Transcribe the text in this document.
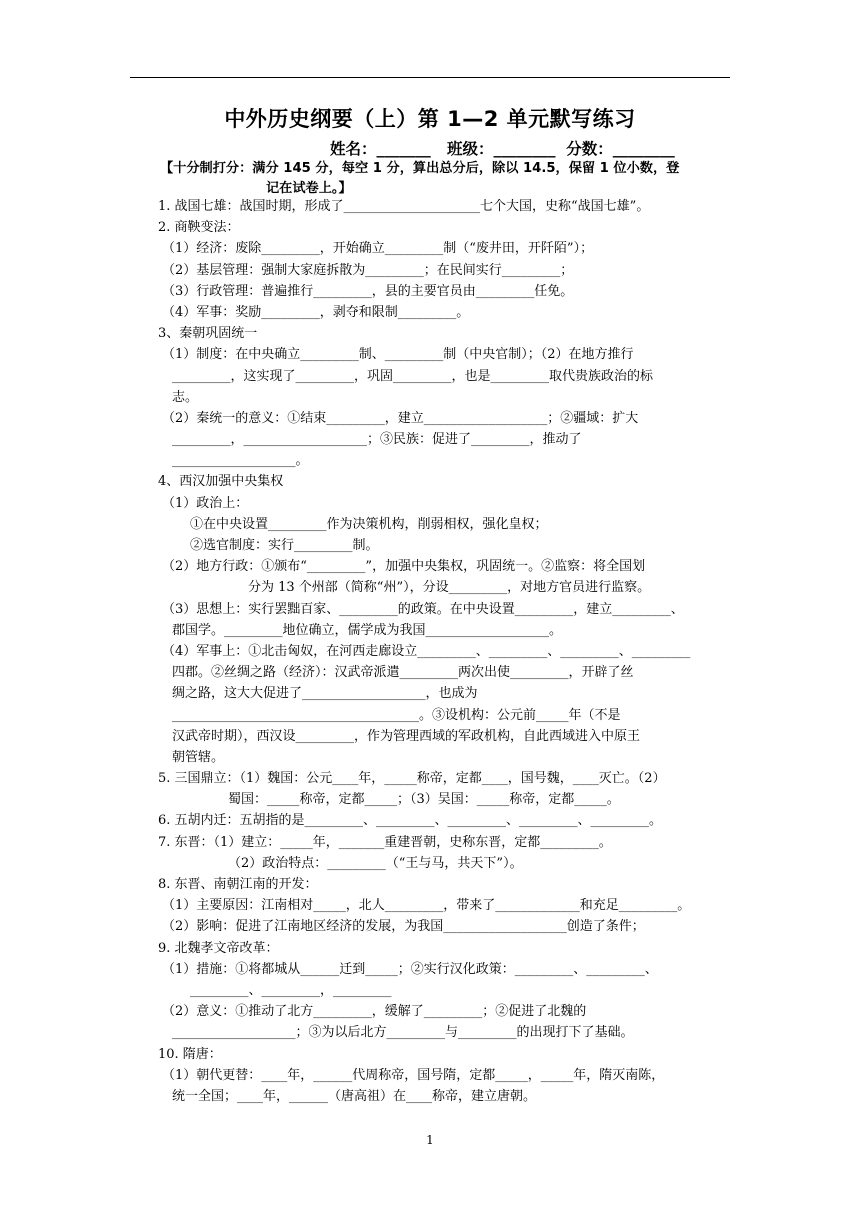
中外历史纲要（上）第 1—2 单元默写练习
姓名：_______   班级：________  分数：________
【十分制打分：满分 145 分，每空 1 分，算出总分后，除以 14.5，保留 1 位小数，登
记在试卷上。】
1. 战国七雄：战国时期，形成了_____________________七个大国，史称“战国七雄”。
2. 商鞅变法：
（1）经济：废除_________，开始确立_________制（“废井田，开阡陌”）；
（2）基层管理：强制大家庭拆散为_________；在民间实行_________；
（3）行政管理：普遍推行_________，县的主要官员由_________任免。
（4）军事：奖励_________，剥夺和限制_________。
3、秦朝巩固统一
（1）制度：在中央确立_________制、_________制（中央官制）；（2）在地方推行
_________，这实现了_________，巩固_________，也是_________取代贵族政治的标
志。
（2）秦统一的意义：①结束_________，建立___________________；②疆域：扩大
_________，___________________；③民族：促进了_________，推动了
___________________。
4、西汉加强中央集权
（1）政治上：
①在中央设置_________作为决策机构，削弱相权，强化皇权；
②选官制度：实行_________制。
（2）地方行政：①颁布“_________”，加强中央集权，巩固统一。②监察：将全国划
分为 13 个州部（简称“州”），分设_________，对地方官员进行监察。
（3）思想上：实行罢黜百家、_________的政策。在中央设置_________，建立_________、
郡国学。_________地位确立，儒学成为我国___________________。
（4）军事上：①北击匈奴，在河西走廊设立_________、_________、_________、_________
四郡。②丝绸之路（经济）：汉武帝派遣_________两次出使_________，开辟了丝
绸之路，这大大促进了___________________，也成为
______________________________________。③设机构：公元前_____年（不是
汉武帝时期），西汉设_________，作为管理西域的军政机构，自此西域进入中原王
朝管辖。
5. 三国鼎立：（1）魏国：公元____年，_____称帝，定都____，国号魏，____灭亡。（2）
蜀国：_____称帝，定都_____；（3）吴国：_____称帝，定都_____。
6. 五胡内迁：五胡指的是_________、_________、_________、_________、_________。
7. 东晋：（1）建立：_____年，_______重建晋朝，史称东晋，定都_________。
（2）政治特点：_________（“王与马，共天下”）。
8. 东晋、南朝江南的开发：
（1）主要原因：江南相对_____，北人_________，带来了_____________和充足_________。
（2）影响：促进了江南地区经济的发展，为我国___________________创造了条件；
9. 北魏孝文帝改革：
（1）措施：①将都城从______迁到_____；②实行汉化政策：_________、_________、
_________、_________，_________
（2）意义：①推动了北方_________，缓解了_________；②促进了北魏的
___________________；③为以后北方_________与_________的出现打下了基础。
10. 隋唐：
（1）朝代更替：____年，______代周称帝，国号隋，定都_____，_____年，隋灭南陈，
统一全国；____年，______（唐高祖）在____称帝，建立唐朝。
1
